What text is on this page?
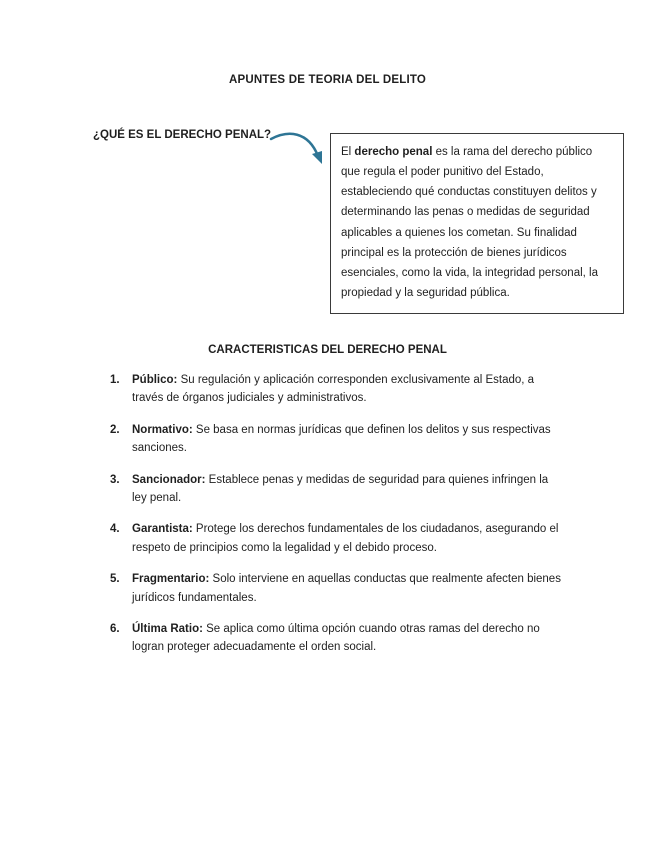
APUNTES DE TEORIA DEL DELITO
¿QUÉ ES EL DERECHO PENAL?
El derecho penal es la rama del derecho público que regula el poder punitivo del Estado, estableciendo qué conductas constituyen delitos y determinando las penas o medidas de seguridad aplicables a quienes los cometan. Su finalidad principal es la protección de bienes jurídicos esenciales, como la vida, la integridad personal, la propiedad y la seguridad pública.
CARACTERISTICAS DEL DERECHO PENAL
1.	Público: Su regulación y aplicación corresponden exclusivamente al Estado, a través de órganos judiciales y administrativos.
2.	Normativo: Se basa en normas jurídicas que definen los delitos y sus respectivas sanciones.
3.	Sancionador: Establece penas y medidas de seguridad para quienes infringen la ley penal.
4.	Garantista: Protege los derechos fundamentales de los ciudadanos, asegurando el respeto de principios como la legalidad y el debido proceso.
5.	Fragmentario: Solo interviene en aquellas conductas que realmente afecten bienes jurídicos fundamentales.
6.	Última Ratio: Se aplica como última opción cuando otras ramas del derecho no logran proteger adecuadamente el orden social.
